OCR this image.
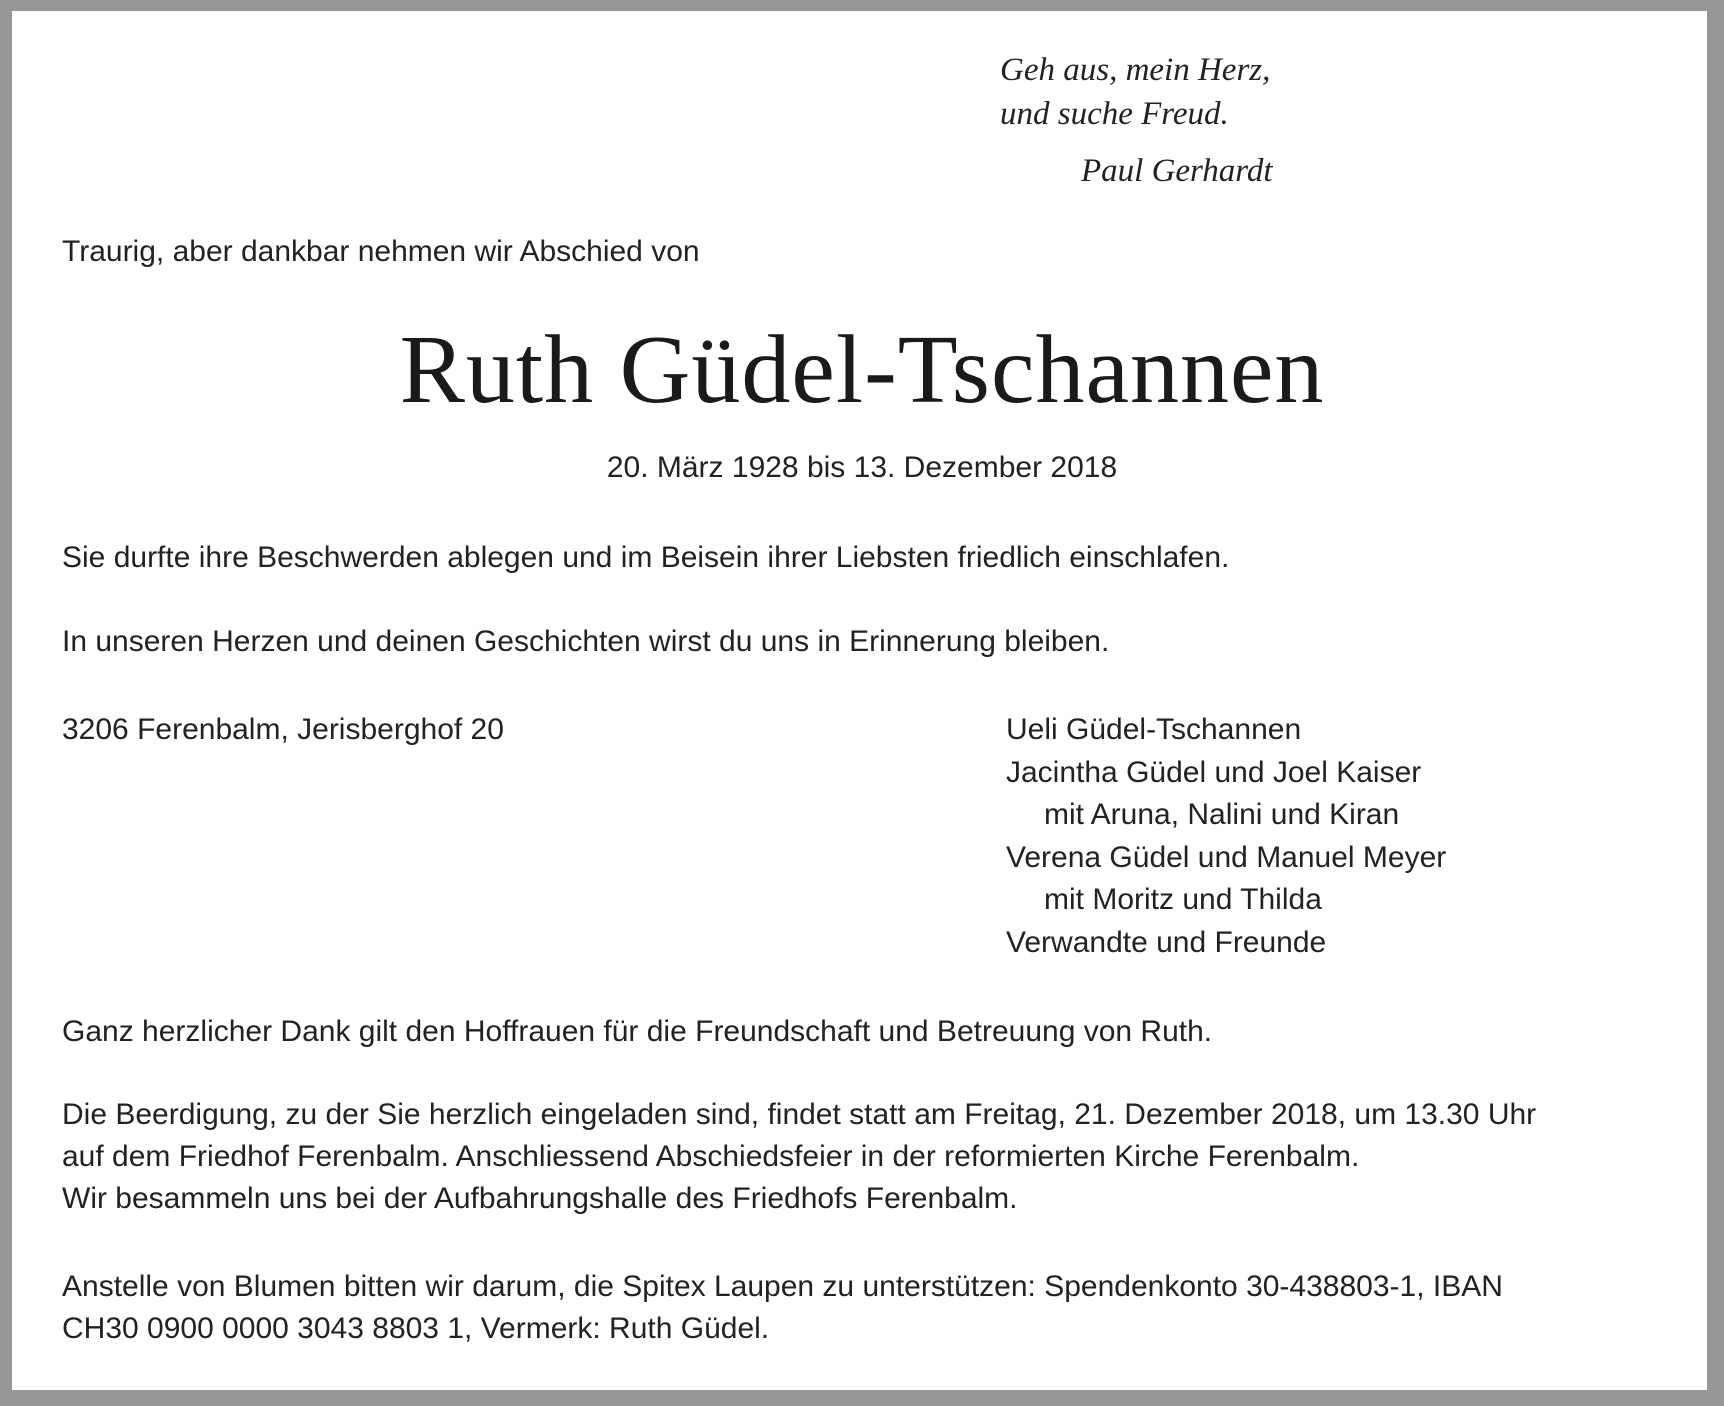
Geh aus, mein Herz,
und suche Freud.
Paul Gerhardt
Traurig, aber dankbar nehmen wir Abschied von
Ruth Güdel-Tschannen
20. März 1928 bis 13. Dezember 2018
Sie durfte ihre Beschwerden ablegen und im Beisein ihrer Liebsten friedlich einschlafen.
In unseren Herzen und deinen Geschichten wirst du uns in Erinnerung bleiben.
3206 Ferenbalm, Jerisberghof 20	Ueli Güdel-Tschannen
Jacintha Güdel und Joel Kaiser
mit Aruna, Nalini und Kiran
Verena Güdel und Manuel Meyer
mit Moritz und Thilda
Verwandte und Freunde
Ganz herzlicher Dank gilt den Hoffrauen für die Freundschaft und Betreuung von Ruth.
Die Beerdigung, zu der Sie herzlich eingeladen sind, findet statt am Freitag, 21. Dezember 2018, um 13.30 Uhr
auf dem Friedhof Ferenbalm. Anschliessend Abschiedsfeier in der reformierten Kirche Ferenbalm.
Wir besammeln uns bei der Aufbahrungshalle des Friedhofs Ferenbalm.
Anstelle von Blumen bitten wir darum, die Spitex Laupen zu unterstützen: Spendenkonto 30-438803-1, IBAN
CH30 0900 0000 3043 8803 1, Vermerk: Ruth Güdel.
